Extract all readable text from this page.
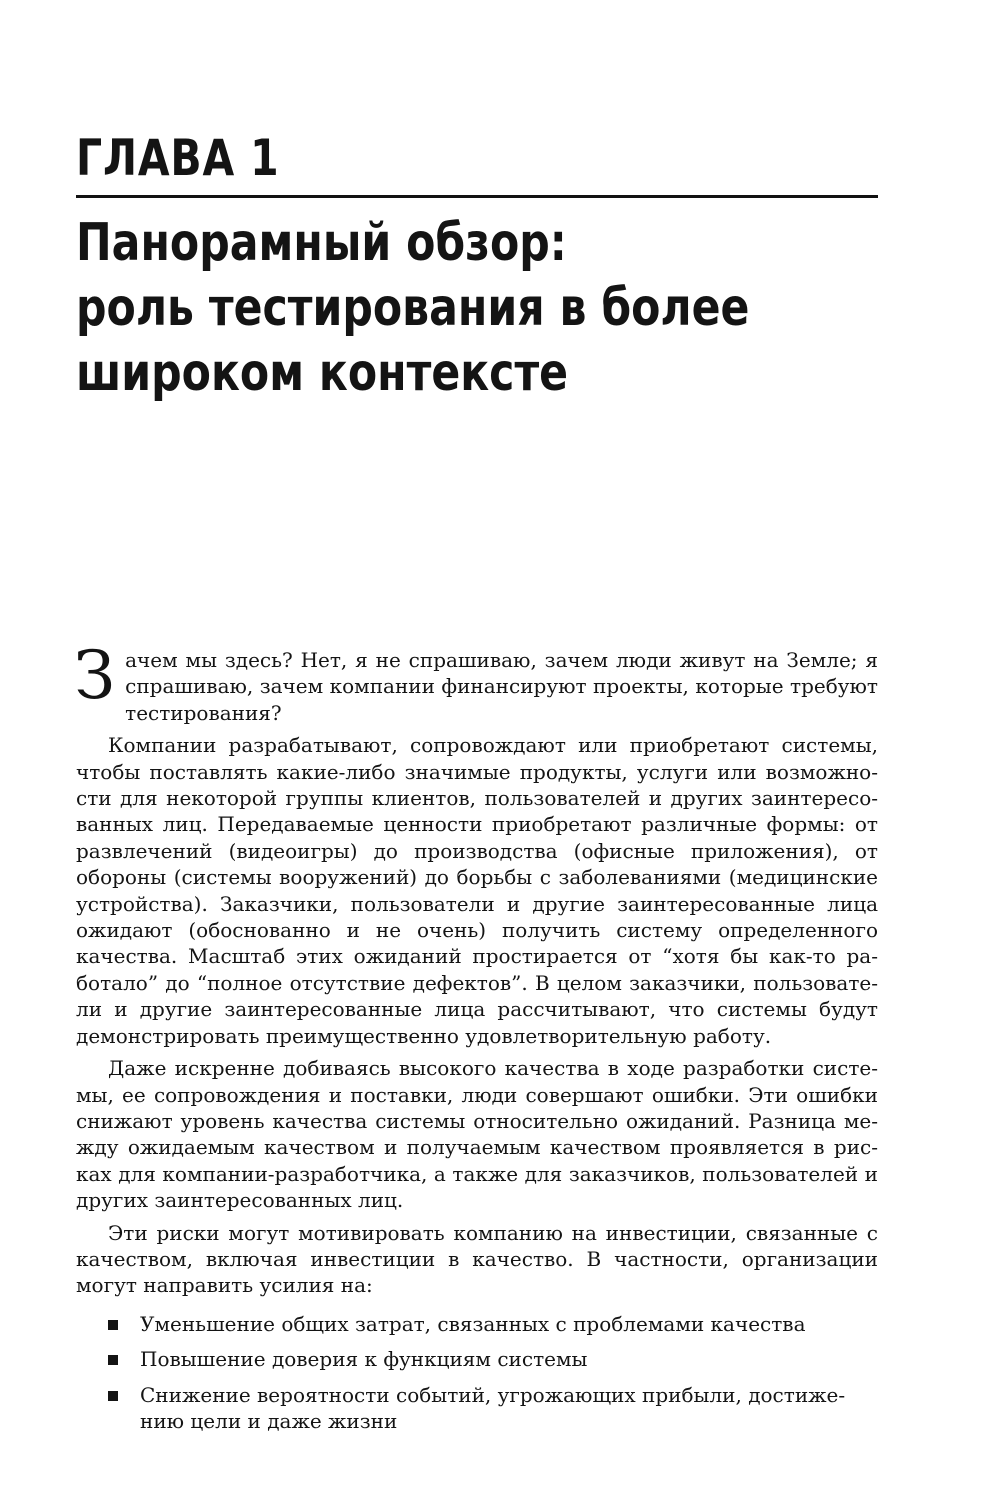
ГЛАВА 1
Панорамный обзор:
роль тестирования в более
широком контексте

Зачем мы здесь? Нет, я не спрашиваю, зачем люди живут на Земле; я спрашиваю, зачем компании финансируют проекты, которые требуют тестирования?

Компании разрабатывают, сопровождают или приобретают системы, чтобы поставлять какие-либо значимые продукты, услуги или возможности для некоторой группы клиентов, пользователей и других заинтересованных лиц. Передаваемые ценности приобретают различные формы: от развлечений (видеоигры) до производства (офисные приложения), от обороны (системы вооружений) до борьбы с заболеваниями (медицинские устройства). Заказчики, пользователи и другие заинтересованные лица ожидают (обоснованно и не очень) получить систему определенного качества. Масштаб этих ожиданий простирается от “хотя бы как-то работало” до “полное отсутствие дефектов”. В целом заказчики, пользователи и другие заинтересованные лица рассчитывают, что системы будут демонстрировать преимущественно удовлетворительную работу.

Даже искренне добиваясь высокого качества в ходе разработки системы, ее сопровождения и поставки, люди совершают ошибки. Эти ошибки снижают уровень качества системы относительно ожиданий. Разница между ожидаемым качеством и получаемым качеством проявляется в рисках для компании-разработчика, а также для заказчиков, пользователей и других заинтересованных лиц.

Эти риски могут мотивировать компанию на инвестиции, связанные с качеством, включая инвестиции в качество. В частности, организации могут направить усилия на:

Уменьшение общих затрат, связанных с проблемами качества
Повышение доверия к функциям системы
Снижение вероятности событий, угрожающих прибыли, достижению цели и даже жизни
